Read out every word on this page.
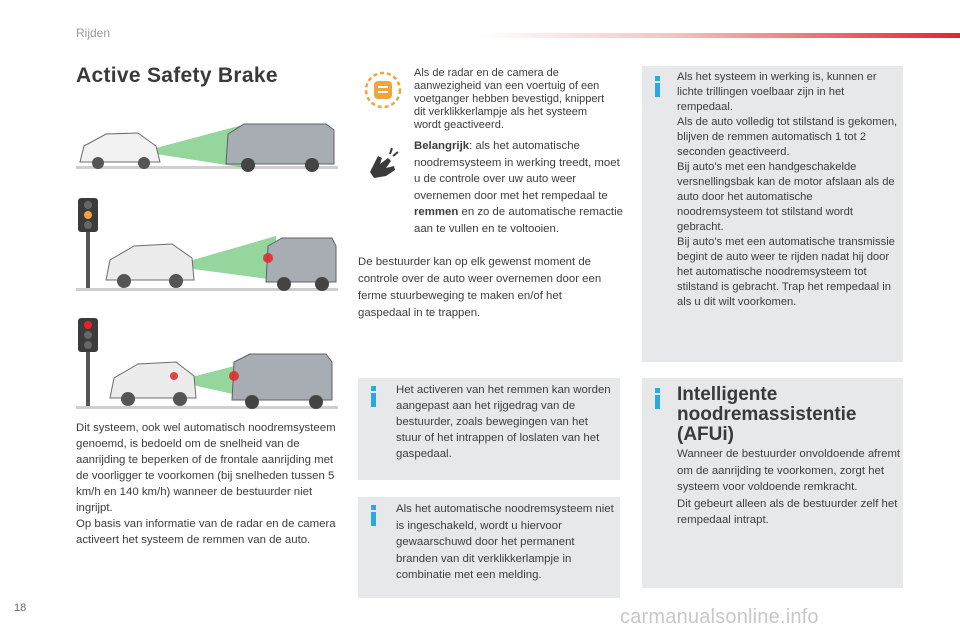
Rijden
Active Safety Brake
Dit systeem, ook wel automatisch noodremsysteem genoemd, is bedoeld om de snelheid van de aanrijding te beperken of de frontale aanrijding met de voorligger te voorkomen (bij snelheden tussen 5 km/h en 140 km/h) wanneer de bestuurder niet ingrijpt.
Op basis van informatie van de radar en de camera activeert het systeem de remmen van de auto.
Als de radar en de camera de aanwezigheid van een voertuig of een voetganger hebben bevestigd, knippert dit verklikkerlampje als het systeem wordt geactiveerd.
Belangrijk: als het automatische noodremsysteem in werking treedt, moet u de controle over uw auto weer overnemen door met het rempedaal te remmen en zo de automatische remactie aan te vullen en te voltooien.
De bestuurder kan op elk gewenst moment de controle over de auto weer overnemen door een ferme stuurbeweging te maken en/of het gaspedaal in te trappen.
Het activeren van het remmen kan worden aangepast aan het rijgedrag van de bestuurder, zoals bewegingen van het stuur of het intrappen of loslaten van het gaspedaal.
Als het automatische noodremsysteem niet is ingeschakeld, wordt u hiervoor gewaarschuwd door het permanent branden van dit verklikkerlampje in combinatie met een melding.
Als het systeem in werking is, kunnen er lichte trillingen voelbaar zijn in het rempedaal.
Als de auto volledig tot stilstand is gekomen, blijven de remmen automatisch 1 tot 2 seconden geactiveerd.
Bij auto's met een handgeschakelde versnellingsbak kan de motor afslaan als de auto door het automatische noodremsysteem tot stilstand wordt gebracht.
Bij auto's met een automatische transmissie begint de auto weer te rijden nadat hij door het automatische noodremsysteem tot stilstand is gebracht. Trap het rempedaal in als u dit wilt voorkomen.
Intelligente noodremassistentie (AFUi)
Wanneer de bestuurder onvoldoende afremt om de aanrijding te voorkomen, zorgt het systeem voor voldoende remkracht.
Dit gebeurt alleen als de bestuurder zelf het rempedaal intrapt.
18	carmanualsonline.info
